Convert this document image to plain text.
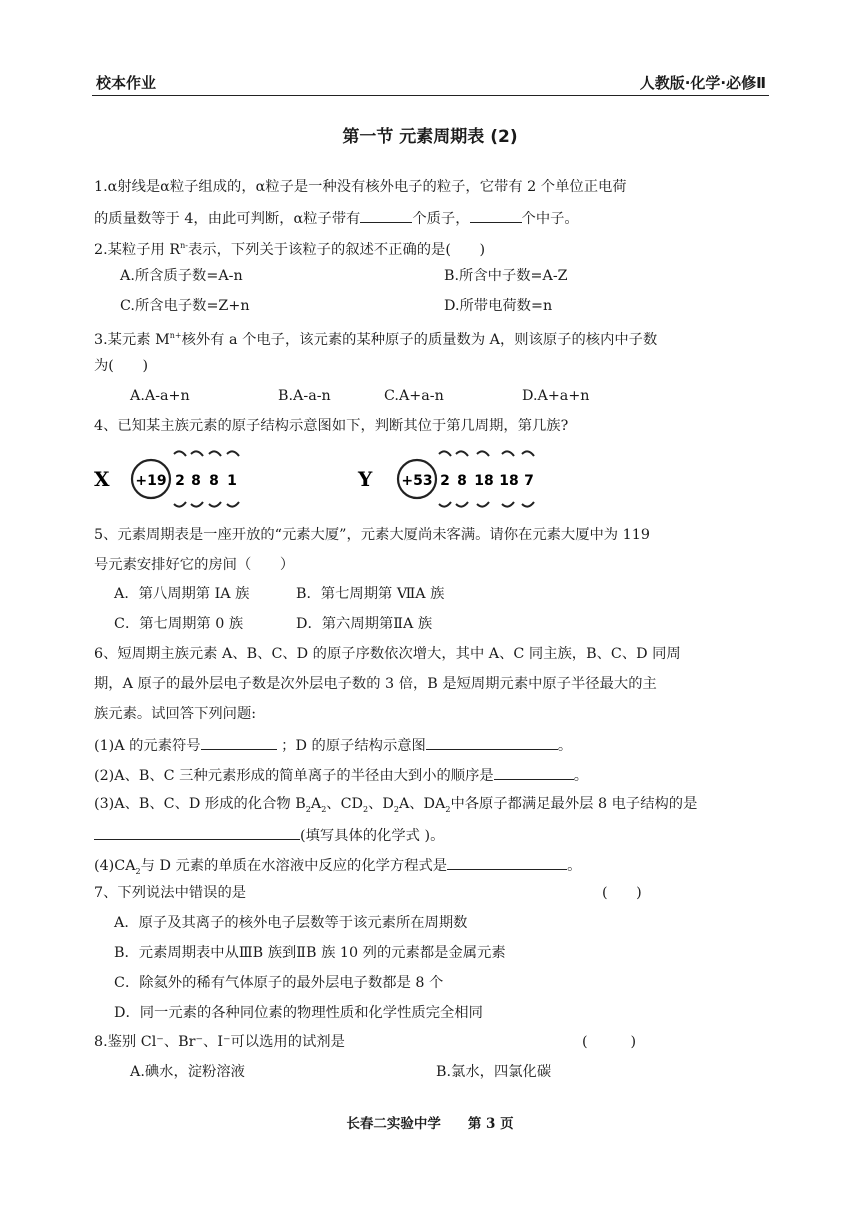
校本作业	人教版·化学·必修Ⅱ
第一节 元素周期表 (2)
1.α射线是α粒子组成的，α粒子是一种没有核外电子的粒子，它带有 2 个单位正电荷
的质量数等于 4，由此可判断，α粒子带有	个质子，	个中子。
2.某粒子用 $R^{n-}$表示，下列关于该粒子的叙述不正确的是(　　)
A.所含质子数=A-n	B.所含中子数=A-Z
C.所含电子数=Z+n	D.所带电荷数=n
3.某元素 $M^{n+}$核外有 a 个电子，该元素的某种原子的质量数为 A，则该原子的核内中子数
为(　　)
A.A-a+n	B.A-a-n	C.A+a-n	D.A+a+n
4、已知某主族元素的原子结构示意图如下，判断其位于第几周期，第几族?
X +19 2 8 8 1	Y +53 2 8 18 18 7
5、元素周期表是一座开放的“元素大厦”，元素大厦尚未客满。请你在元素大厦中为 119
号元素安排好它的房间（　　）
A．第八周期第 IA 族	B．第七周期第 ⅦA 族
C．第七周期第 0 族	D．第六周期第ⅡA 族
6、短周期主族元素 A、B、C、D 的原子序数依次增大，其中 A、C 同主族，B、C、D 同周
期，A 原子的最外层电子数是次外层电子数的 3 倍，B 是短周期元素中原子半径最大的主
族元素。试回答下列问题:
(1)A 的元素符号	；D 的原子结构示意图	。
(2)A、B、C 三种元素形成的简单离子的半径由大到小的顺序是	。
(3)A、B、C、D 形成的化合物 $B_2A_2$、$CD_2$、$D_2A$、$DA_2$中各原子都满足最外层 8 电子结构的是
(填写具体的化学式 )。
$(4)CA_2$与 D 元素的单质在水溶液中反应的化学方程式是	。
7、下列说法中错误的是	(　　)
A．原子及其离子的核外电子层数等于该元素所在周期数
B．元素周期表中从ⅢB 族到ⅡB 族 10 列的元素都是金属元素
C．除氦外的稀有气体原子的最外层电子数都是 8 个
D．同一元素的各种同位素的物理性质和化学性质完全相同
8.鉴别 Cl⁻、Br⁻、I⁻可以选用的试剂是	(　　　)
A.碘水，淀粉溶液	B.氯水，四氯化碳
长春二实验中学　　第 3 页
